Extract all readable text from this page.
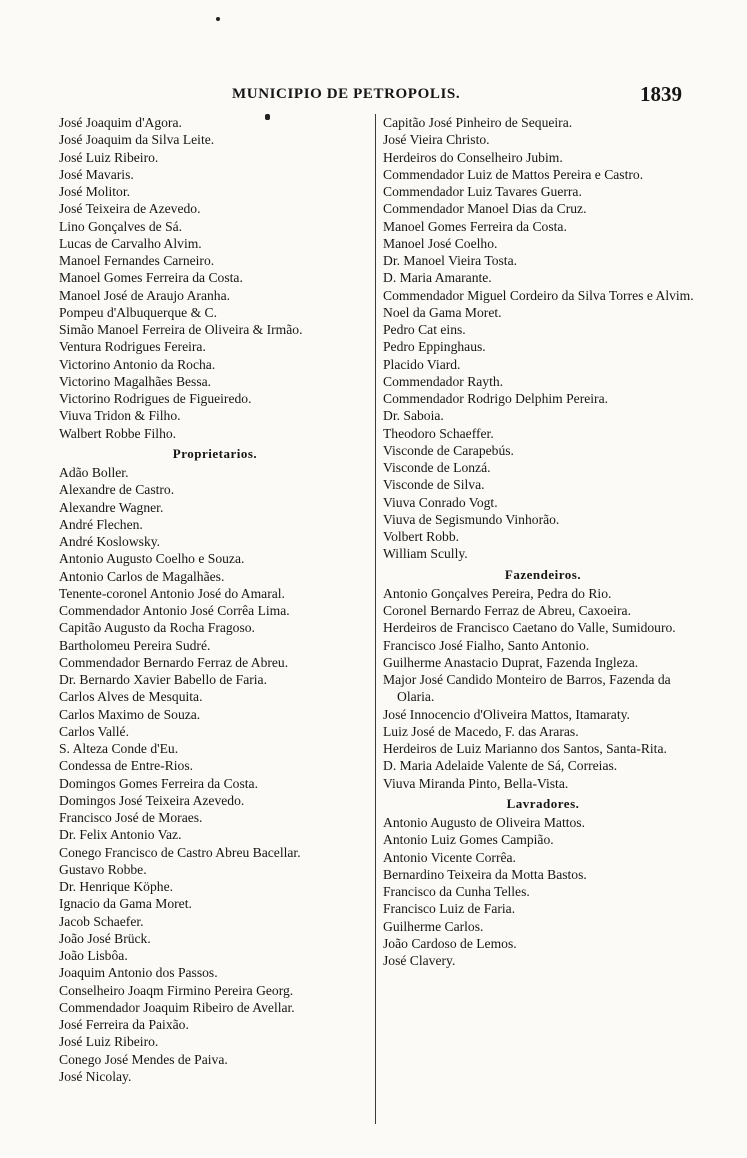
MUNICIPIO DE PETROPOLIS.	1839
José Joaquim d'Agora.
José Joaquim da Silva Leite.
José Luiz Ribeiro.
José Mavaris.
José Molitor.
José Teixeira de Azevedo.
Lino Gonçalves de Sá.
Lucas de Carvalho Alvim.
Manoel Fernandes Carneiro.
Manoel Gomes Ferreira da Costa.
Manoel José de Araujo Aranha.
Pompeu d'Albuquerque & C.
Simão Manoel Ferreira de Oliveira & Irmão.
Ventura Rodrigues Fereira.
Victorino Antonio da Rocha.
Victorino Magalhães Bessa.
Victorino Rodrigues de Figueiredo.
Viuva Tridon & Filho.
Walbert Robbe Filho.
Proprietarios.
Adão Boller.
Alexandre de Castro.
Alexandre Wagner.
André Flechen.
André Koslowsky.
Antonio Augusto Coelho e Souza.
Antonio Carlos de Magalhães.
Tenente-coronel Antonio José do Amaral.
Commendador Antonio José Corrêa Lima.
Capitão Augusto da Rocha Fragoso.
Bartholomeu Pereira Sudré.
Commendador Bernardo Ferraz de Abreu.
Dr. Bernardo Xavier Babello de Faria.
Carlos Alves de Mesquita.
Carlos Maximo de Souza.
Carlos Vallé.
S. Alteza Conde d'Eu.
Condessa de Entre-Rios.
Domingos Gomes Ferreira da Costa.
Domingos José Teixeira Azevedo.
Francisco José de Moraes.
Dr. Felix Antonio Vaz.
Conego Francisco de Castro Abreu Bacellar.
Gustavo Robbe.
Dr. Henrique Köphe.
Ignacio da Gama Moret.
Jacob Schaefer.
João José Brück.
João Lisbôa.
Joaquim Antonio dos Passos.
Conselheiro Joaqm Firmino Pereira Georg.
Commendador Joaquim Ribeiro de Avellar.
José Ferreira da Paixão.
José Luiz Ribeiro.
Conego José Mendes de Paiva.
José Nicolay.
Capitão José Pinheiro de Sequeira.
José Vieira Christo.
Herdeiros do Conselheiro Jubim.
Commendador Luiz de Mattos Pereira e Castro.
Commendador Luiz Tavares Guerra.
Commendador Manoel Dias da Cruz.
Manoel Gomes Ferreira da Costa.
Manoel José Coelho.
Dr. Manoel Vieira Tosta.
D. Maria Amarante.
Commendador Miguel Cordeiro da Silva Torres e Alvim.
Noel da Gama Moret.
Pedro Cat eins.
Pedro Eppinghaus.
Placido Viard.
Commendador Rayth.
Commendador Rodrigo Delphim Pereira.
Dr. Saboia.
Theodoro Schaeffer.
Visconde de Carapebús.
Visconde de Lonzá.
Visconde de Silva.
Viuva Conrado Vogt.
Viuva de Segismundo Vinhorão.
Volbert Robb.
William Scully.
Fazendeiros.
Antonio Gonçalves Pereira, Pedra do Rio.
Coronel Bernardo Ferraz de Abreu, Caxoeira.
Herdeiros de Francisco Caetano do Valle, Sumidouro.
Francisco José Fialho, Santo Antonio.
Guilherme Anastacio Duprat, Fazenda Ingleza.
Major José Candido Monteiro de Barros, Fazenda da Olaria.
José Innocencio d'Oliveira Mattos, Itamaraty.
Luiz José de Macedo, F. das Araras.
Herdeiros de Luiz Marianno dos Santos, Santa-Rita.
D. Maria Adelaide Valente de Sá, Correias.
Viuva Miranda Pinto, Bella-Vista.
Lavradores.
Antonio Augusto de Oliveira Mattos.
Antonio Luiz Gomes Campião.
Antonio Vicente Corrêa.
Bernardino Teixeira da Motta Bastos.
Francisco da Cunha Telles.
Francisco Luiz de Faria.
Guilherme Carlos.
João Cardoso de Lemos.
José Clavery.
